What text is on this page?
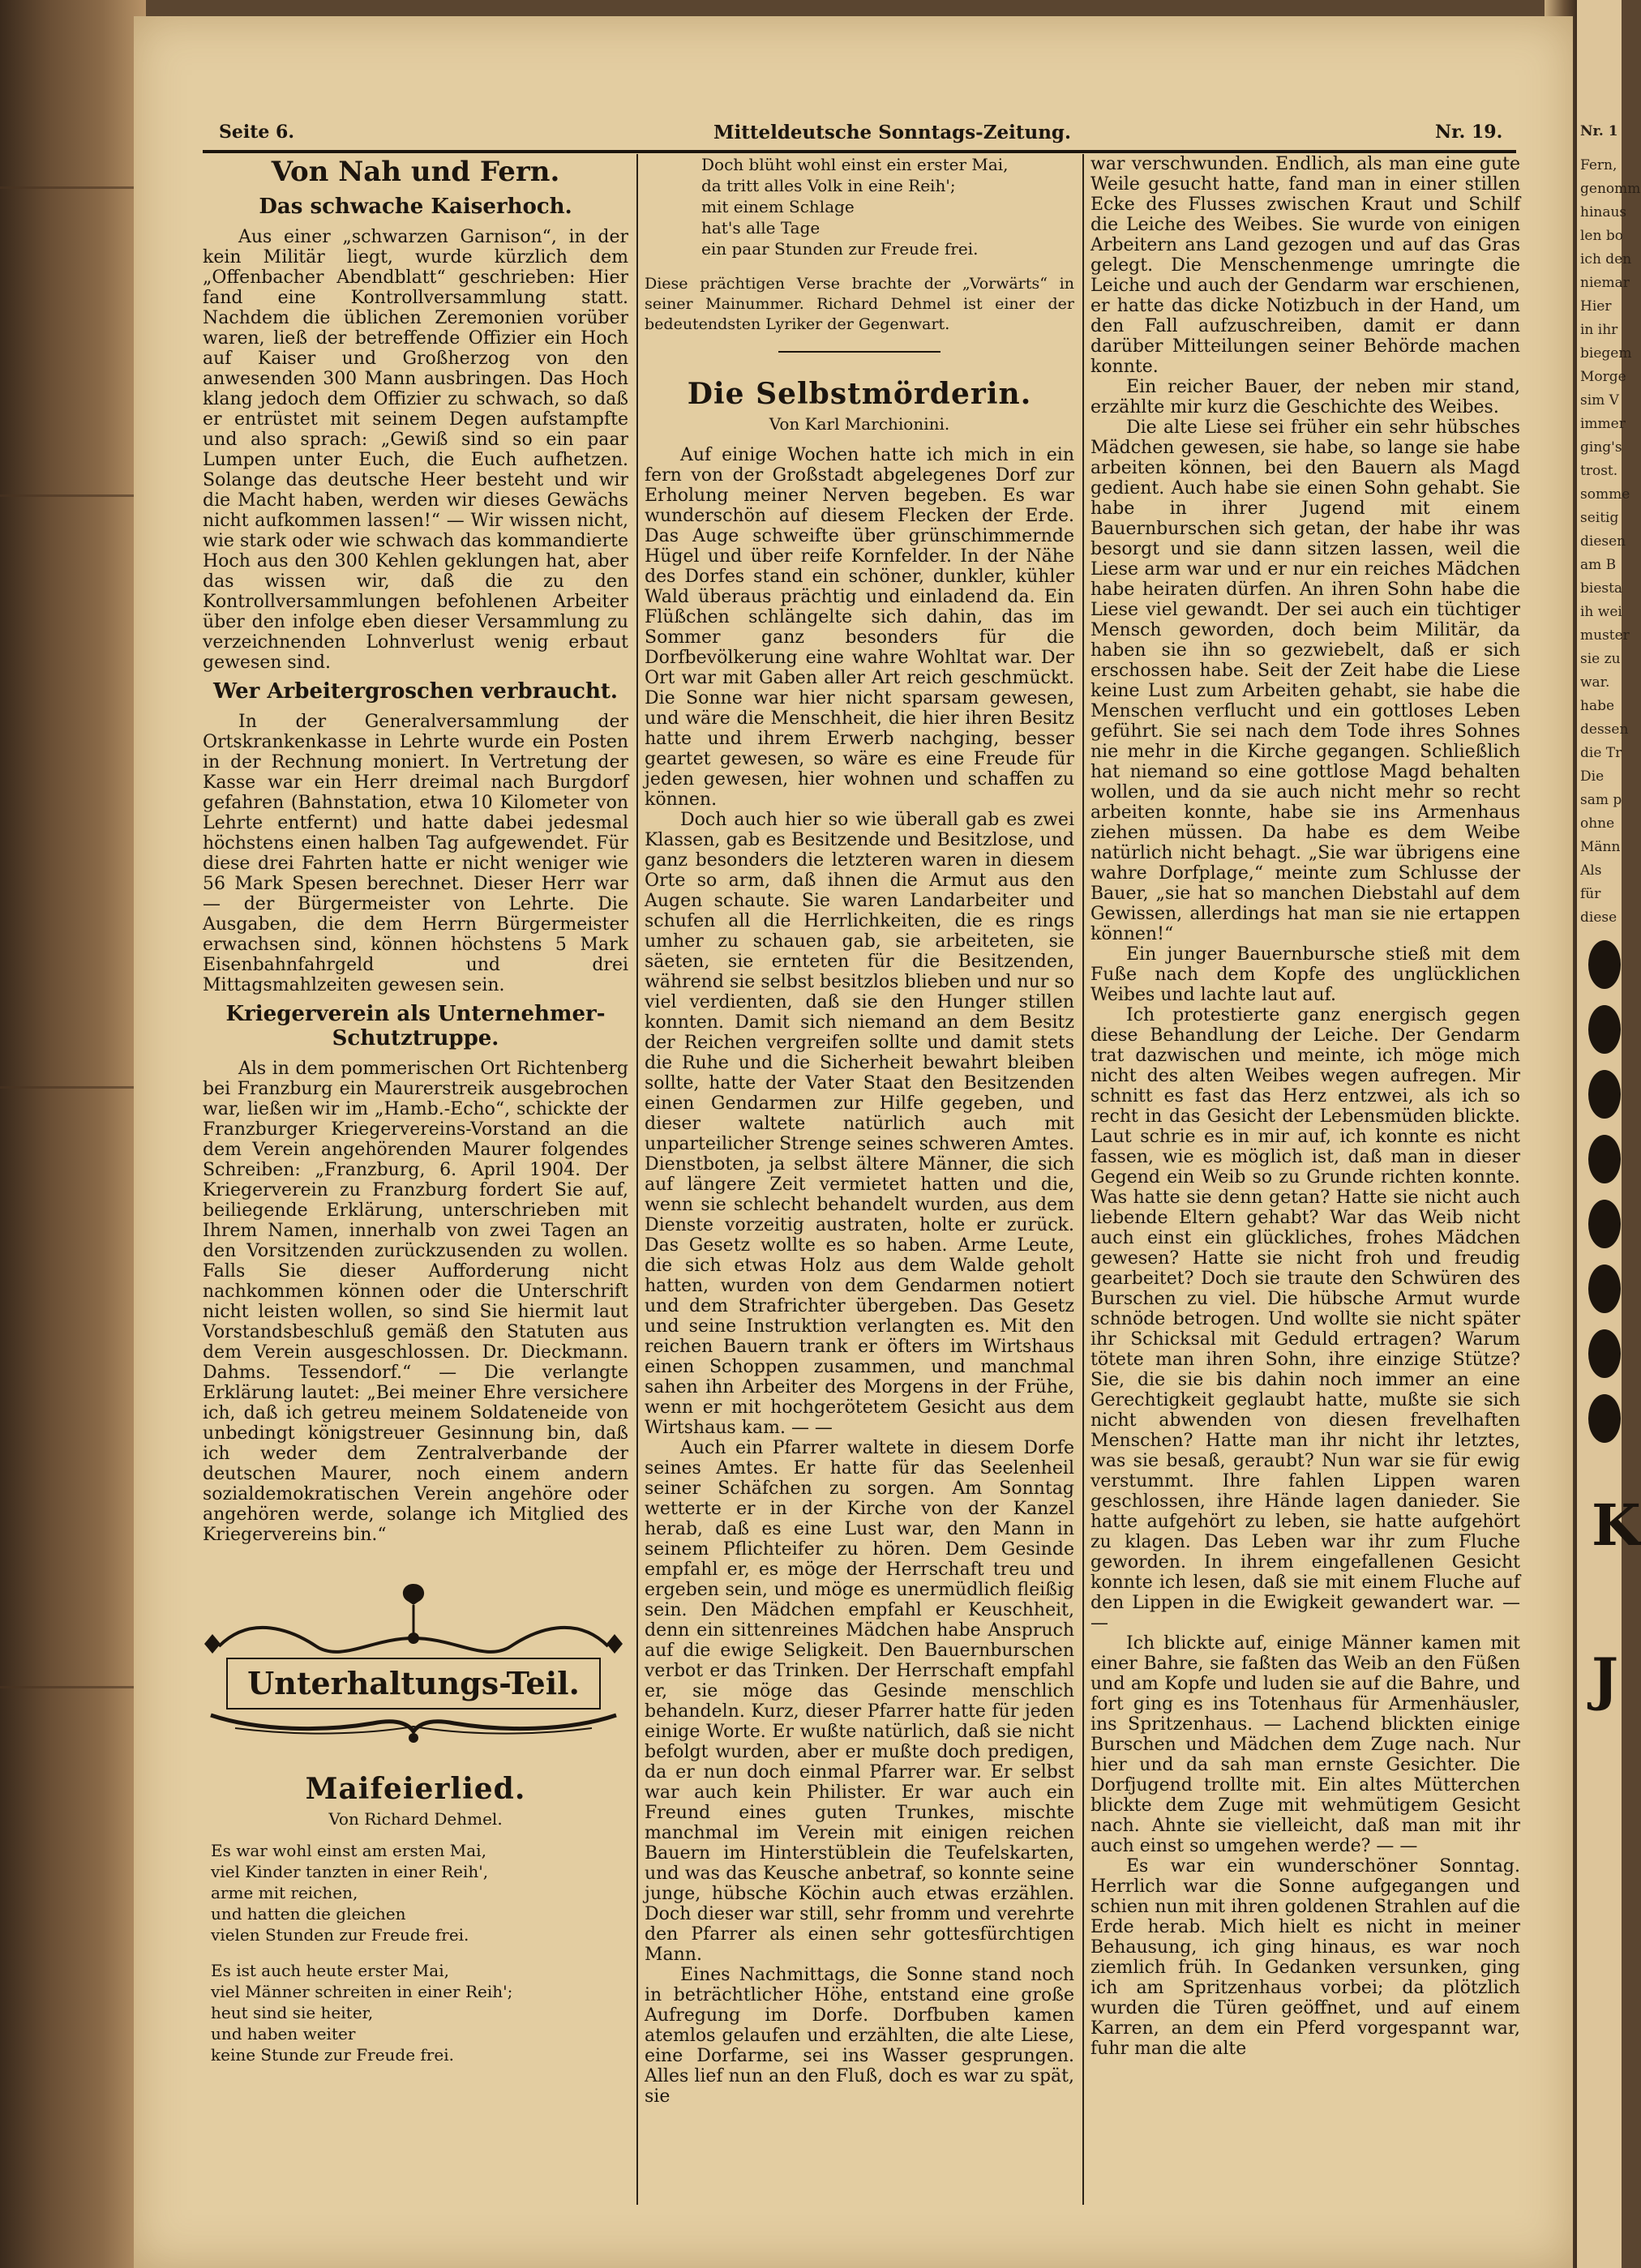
Nr. 1
Fern,
genomm
hinaus
len bo
ich den
niemar
Hier
in ihr
biegem
Morge
sim V
immer
ging's
trost.
somme
seitig
diesen
am B
biesta
ih wei
muster
sie zu
war.
habe
dessen
die Tr
Die
sam p
ohne
Männ
Als
für
diese
K
J
Seite 6.	Mitteldeutsche Sonntags-Zeitung.	Nr. 19.
Von Nah und Fern.
Das schwache Kaiserhoch.

Aus einer „schwarzen Garnison“, in der kein Militär liegt, wurde kürzlich dem „Offenbacher Abendblatt“ geschrieben: Hier fand eine Kontrollversammlung statt. Nachdem die üblichen Zeremonien vorüber waren, ließ der betreffende Offizier ein Hoch auf Kaiser und Großherzog von den anwesenden 300 Mann ausbringen. Das Hoch klang jedoch dem Offizier zu schwach, so daß er entrüstet mit seinem Degen aufstampfte und also sprach: „Gewiß sind so ein paar Lumpen unter Euch, die Euch aufhetzen. Solange das deutsche Heer besteht und wir die Macht haben, werden wir dieses Gewächs nicht aufkommen lassen!“ — Wir wissen nicht, wie stark oder wie schwach das kommandierte Hoch aus den 300 Kehlen geklungen hat, aber das wissen wir, daß die zu den Kontrollversammlungen befohlenen Arbeiter über den infolge eben dieser Versammlung zu verzeichnenden Lohnverlust wenig erbaut gewesen sind.

Wer Arbeitergroschen verbraucht.

In der Generalversammlung der Ortskrankenkasse in Lehrte wurde ein Posten in der Rechnung moniert. In Vertretung der Kasse war ein Herr dreimal nach Burgdorf gefahren (Bahnstation, etwa 10 Kilometer von Lehrte entfernt) und hatte dabei jedesmal höchstens einen halben Tag aufgewendet. Für diese drei Fahrten hatte er nicht weniger wie 56 Mark Spesen berechnet. Dieser Herr war — der Bürgermeister von Lehrte. Die Ausgaben, die dem Herrn Bürgermeister erwachsen sind, können höchstens 5 Mark Eisenbahnfahrgeld und drei Mittagsmahlzeiten gewesen sein.

Kriegerverein als Unternehmer-Schutztruppe.

Als in dem pommerischen Ort Richtenberg bei Franzburg ein Maurerstreik ausgebrochen war, ließen wir im „Hamb.-Echo“, schickte der Franzburger Kriegervereins-Vorstand an die dem Verein angehörenden Maurer folgendes Schreiben: „Franzburg, 6. April 1904. Der Kriegerverein zu Franzburg fordert Sie auf, beiliegende Erklärung, unterschrieben mit Ihrem Namen, innerhalb von zwei Tagen an den Vorsitzenden zurückzusenden zu wollen. Falls Sie dieser Aufforderung nicht nachkommen können oder die Unterschrift nicht leisten wollen, so sind Sie hiermit laut Vorstandsbeschluß gemäß den Statuten aus dem Verein ausgeschlossen. Dr. Dieckmann. Dahms. Tessendorf.“ — Die verlangte Erklärung lautet: „Bei meiner Ehre versichere ich, daß ich getreu meinem Soldateneide von unbedingt königstreuer Gesinnung bin, daß ich weder dem Zentralverbande der deutschen Maurer, noch einem andern sozialdemokratischen Verein angehöre oder angehören werde, solange ich Mitglied des Kriegervereins bin.“

Unterhaltungs-Teil.
Maifeierlied.
Von Richard Dehmel.
Es war wohl einst am ersten Mai,
viel Kinder tanzten in einer Reih',
arme mit reichen,
und hatten die gleichen
vielen Stunden zur Freude frei.
Es ist auch heute erster Mai,
viel Männer schreiten in einer Reih';
heut sind sie heiter,
und haben weiter
keine Stunde zur Freude frei.
Doch blüht wohl einst ein erster Mai,
da tritt alles Volk in eine Reih';
mit einem Schlage
hat's alle Tage
ein paar Stunden zur Freude frei.
Diese prächtigen Verse brachte der „Vorwärts“ in seiner Mainummer. Richard Dehmel ist einer der bedeutendsten Lyriker der Gegenwart.
Die Selbstmörderin.
Von Karl Marchionini.

Auf einige Wochen hatte ich mich in ein fern von der Großstadt abgelegenes Dorf zur Erholung meiner Nerven begeben. Es war wunderschön auf diesem Flecken der Erde. Das Auge schweifte über grünschimmernde Hügel und über reife Kornfelder. In der Nähe des Dorfes stand ein schöner, dunkler, kühler Wald überaus prächtig und einladend da. Ein Flüßchen schlängelte sich dahin, das im Sommer ganz besonders für die Dorfbevölkerung eine wahre Wohltat war. Der Ort war mit Gaben aller Art reich geschmückt. Die Sonne war hier nicht sparsam gewesen, und wäre die Menschheit, die hier ihren Besitz hatte und ihrem Erwerb nachging, besser geartet gewesen, so wäre es eine Freude für jeden gewesen, hier wohnen und schaffen zu können.

Doch auch hier so wie überall gab es zwei Klassen, gab es Besitzende und Besitzlose, und ganz besonders die letzteren waren in diesem Orte so arm, daß ihnen die Armut aus den Augen schaute. Sie waren Landarbeiter und schufen all die Herrlichkeiten, die es rings umher zu schauen gab, sie arbeiteten, sie säeten, sie ernteten für die Besitzenden, während sie selbst besitzlos blieben und nur so viel verdienten, daß sie den Hunger stillen konnten. Damit sich niemand an dem Besitz der Reichen vergreifen sollte und damit stets die Ruhe und die Sicherheit bewahrt bleiben sollte, hatte der Vater Staat den Besitzenden einen Gendarmen zur Hilfe gegeben, und dieser waltete natürlich auch mit unparteilicher Strenge seines schweren Amtes. Dienstboten, ja selbst ältere Männer, die sich auf längere Zeit vermietet hatten und die, wenn sie schlecht behandelt wurden, aus dem Dienste vorzeitig austraten, holte er zurück. Das Gesetz wollte es so haben. Arme Leute, die sich etwas Holz aus dem Walde geholt hatten, wurden von dem Gendarmen notiert und dem Strafrichter übergeben. Das Gesetz und seine Instruktion verlangten es. Mit den reichen Bauern trank er öfters im Wirtshaus einen Schoppen zusammen, und manchmal sahen ihn Arbeiter des Morgens in der Frühe, wenn er mit hochgerötetem Gesicht aus dem Wirtshaus kam. — —

Auch ein Pfarrer waltete in diesem Dorfe seines Amtes. Er hatte für das Seelenheil seiner Schäfchen zu sorgen. Am Sonntag wetterte er in der Kirche von der Kanzel herab, daß es eine Lust war, den Mann in seinem Pflichteifer zu hören. Dem Gesinde empfahl er, es möge der Herrschaft treu und ergeben sein, und möge es unermüdlich fleißig sein. Den Mädchen empfahl er Keuschheit, denn ein sittenreines Mädchen habe Anspruch auf die ewige Seligkeit. Den Bauernburschen verbot er das Trinken. Der Herrschaft empfahl er, sie möge das Gesinde menschlich behandeln. Kurz, dieser Pfarrer hatte für jeden einige Worte. Er wußte natürlich, daß sie nicht befolgt wurden, aber er mußte doch predigen, da er nun doch einmal Pfarrer war. Er selbst war auch kein Philister. Er war auch ein Freund eines guten Trunkes, mischte manchmal im Verein mit einigen reichen Bauern im Hinterstüblein die Teufelskarten, und was das Keusche anbetraf, so konnte seine junge, hübsche Köchin auch etwas erzählen. Doch dieser war still, sehr fromm und verehrte den Pfarrer als einen sehr gottesfürchtigen Mann.

Eines Nachmittags, die Sonne stand noch in beträchtlicher Höhe, entstand eine große Aufregung im Dorfe. Dorfbuben kamen atemlos gelaufen und erzählten, die alte Liese, eine Dorfarme, sei ins Wasser gesprungen. Alles lief nun an den Fluß, doch es war zu spät, sie

war verschwunden. Endlich, als man eine gute Weile gesucht hatte, fand man in einer stillen Ecke des Flusses zwischen Kraut und Schilf die Leiche des Weibes. Sie wurde von einigen Arbeitern ans Land gezogen und auf das Gras gelegt. Die Menschenmenge umringte die Leiche und auch der Gendarm war erschienen, er hatte das dicke Notizbuch in der Hand, um den Fall aufzuschreiben, damit er dann darüber Mitteilungen seiner Behörde machen konnte.

Ein reicher Bauer, der neben mir stand, erzählte mir kurz die Geschichte des Weibes.

Die alte Liese sei früher ein sehr hübsches Mädchen gewesen, sie habe, so lange sie habe arbeiten können, bei den Bauern als Magd gedient. Auch habe sie einen Sohn gehabt. Sie habe in ihrer Jugend mit einem Bauernburschen sich getan, der habe ihr was besorgt und sie dann sitzen lassen, weil die Liese arm war und er nur ein reiches Mädchen habe heiraten dürfen. An ihren Sohn habe die Liese viel gewandt. Der sei auch ein tüchtiger Mensch geworden, doch beim Militär, da haben sie ihn so gezwiebelt, daß er sich erschossen habe. Seit der Zeit habe die Liese keine Lust zum Arbeiten gehabt, sie habe die Menschen verflucht und ein gottloses Leben geführt. Sie sei nach dem Tode ihres Sohnes nie mehr in die Kirche gegangen. Schließlich hat niemand so eine gottlose Magd behalten wollen, und da sie auch nicht mehr so recht arbeiten konnte, habe sie ins Armenhaus ziehen müssen. Da habe es dem Weibe natürlich nicht behagt. „Sie war übrigens eine wahre Dorfplage,“ meinte zum Schlusse der Bauer, „sie hat so manchen Diebstahl auf dem Gewissen, allerdings hat man sie nie ertappen können!“

Ein junger Bauernbursche stieß mit dem Fuße nach dem Kopfe des unglücklichen Weibes und lachte laut auf.

Ich protestierte ganz energisch gegen diese Behandlung der Leiche. Der Gendarm trat dazwischen und meinte, ich möge mich nicht des alten Weibes wegen aufregen. Mir schnitt es fast das Herz entzwei, als ich so recht in das Gesicht der Lebensmüden blickte. Laut schrie es in mir auf, ich konnte es nicht fassen, wie es möglich ist, daß man in dieser Gegend ein Weib so zu Grunde richten konnte. Was hatte sie denn getan? Hatte sie nicht auch liebende Eltern gehabt? War das Weib nicht auch einst ein glückliches, frohes Mädchen gewesen? Hatte sie nicht froh und freudig gearbeitet? Doch sie traute den Schwüren des Burschen zu viel. Die hübsche Armut wurde schnöde betrogen. Und wollte sie nicht später ihr Schicksal mit Geduld ertragen? Warum tötete man ihren Sohn, ihre einzige Stütze? Sie, die sie bis dahin noch immer an eine Gerechtigkeit geglaubt hatte, mußte sie sich nicht abwenden von diesen frevelhaften Menschen? Hatte man ihr nicht ihr letztes, was sie besaß, geraubt? Nun war sie für ewig verstummt. Ihre fahlen Lippen waren geschlossen, ihre Hände lagen danieder. Sie hatte aufgehört zu leben, sie hatte aufgehört zu klagen. Das Leben war ihr zum Fluche geworden. In ihrem eingefallenen Gesicht konnte ich lesen, daß sie mit einem Fluche auf den Lippen in die Ewigkeit gewandert war. — —

Ich blickte auf, einige Männer kamen mit einer Bahre, sie faßten das Weib an den Füßen und am Kopfe und luden sie auf die Bahre, und fort ging es ins Totenhaus für Armenhäusler, ins Spritzenhaus. — Lachend blickten einige Burschen und Mädchen dem Zuge nach. Nur hier und da sah man ernste Gesichter. Die Dorfjugend trollte mit. Ein altes Mütterchen blickte dem Zuge mit wehmütigem Gesicht nach. Ahnte sie vielleicht, daß man mit ihr auch einst so umgehen werde? — —

Es war ein wunderschöner Sonntag. Herrlich war die Sonne aufgegangen und schien nun mit ihren goldenen Strahlen auf die Erde herab. Mich hielt es nicht in meiner Behausung, ich ging hinaus, es war noch ziemlich früh. In Gedanken versunken, ging ich am Spritzenhaus vorbei; da plötzlich wurden die Türen geöffnet, und auf einem Karren, an dem ein Pferd vorgespannt war, fuhr man die alte
